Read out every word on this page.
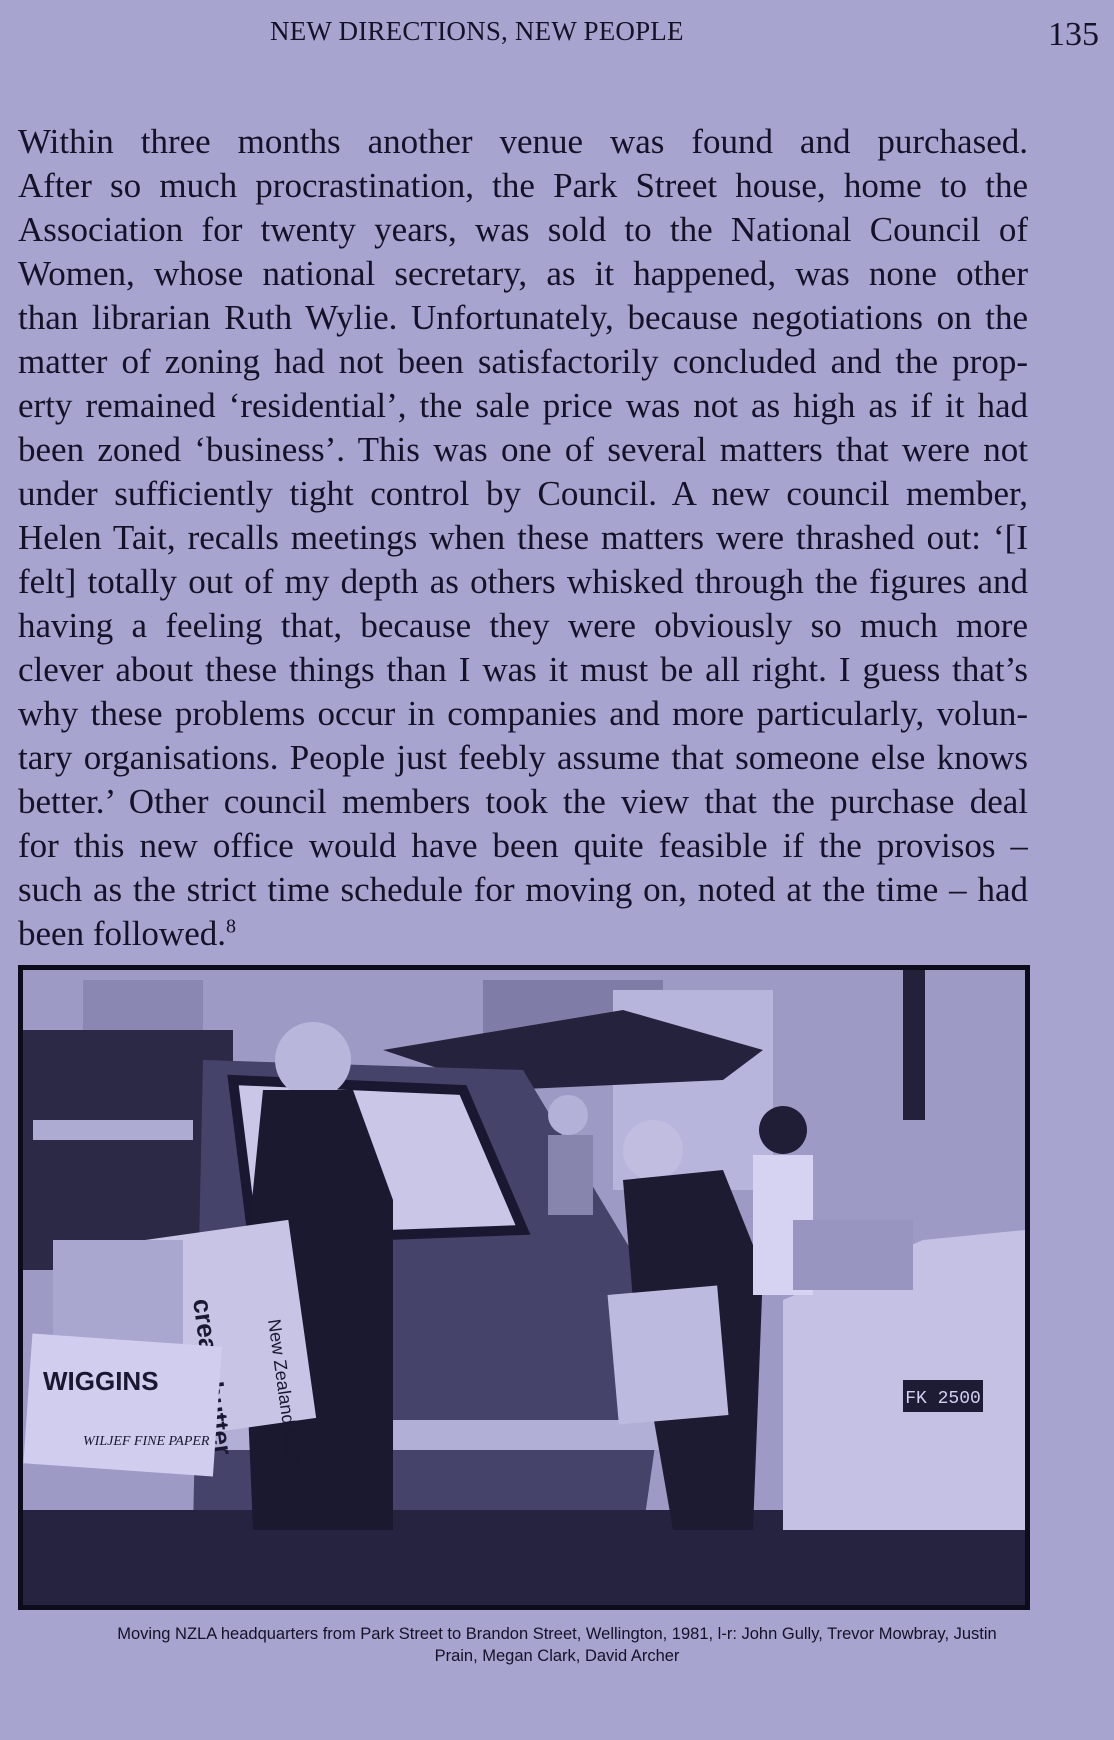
NEW DIRECTIONS, NEW PEOPLE	135
Within three months another venue was found and purchased.
After so much procrastination, the Park Street house, home to the
Association for twenty years, was sold to the National Council of
Women, whose national secretary, as it happened, was none other
than librarian Ruth Wylie. Unfortunately, because negotiations on the
matter of zoning had not been satisfactorily concluded and the prop-
erty remained ‘residential’, the sale price was not as high as if it had
been zoned ‘business’. This was one of several matters that were not
under sufficiently tight control by Council. A new council member,
Helen Tait, recalls meetings when these matters were thrashed out: ‘[I
felt] totally out of my depth as others whisked through the figures and
having a feeling that, because they were obviously so much more
clever about these things than I was it must be all right. I guess that’s
why these problems occur in companies and more particularly, volun-
tary organisations. People just feebly assume that someone else knows
better.’ Other council members took the view that the purchase deal
for this new office would have been quite feasible if the provisos –
such as the strict time schedule for moving on, noted at the time – had
been followed.$^8$
FK 2500
cream butter New Zealand Dairy
WIGGINS
WILJEF FINE PAPER
Moving NZLA headquarters from Park Street to Brandon Street, Wellington, 1981, l-r: John Gully, Trevor Mowbray, Justin
Prain, Megan Clark, David Archer
